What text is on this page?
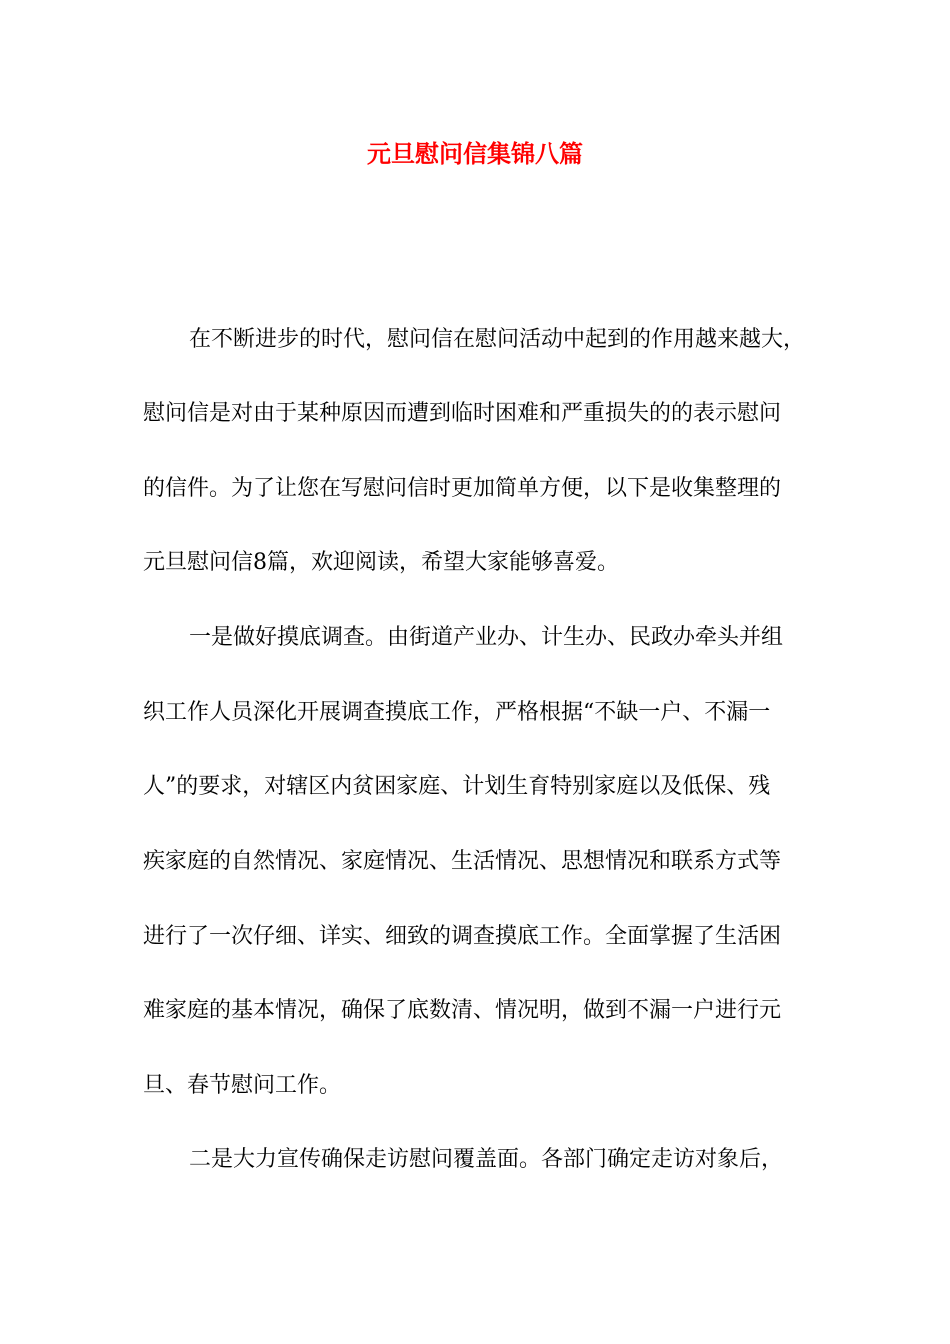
元旦慰问信集锦八篇

在不断进步的时代，慰问信在慰问活动中起到的作用越来越大，

慰问信是对由于某种原因而遭到临时困难和严重损失的的表示慰问

的信件。为了让您在写慰问信时更加简单方便，以下是收集整理的

元旦慰问信8篇，欢迎阅读，希望大家能够喜爱。

一是做好摸底调查。由街道产业办、计生办、民政办牵头并组

织工作人员深化开展调查摸底工作，严格根据“不缺一户、不漏一

人”的要求，对辖区内贫困家庭、计划生育特别家庭以及低保、残

疾家庭的自然情况、家庭情况、生活情况、思想情况和联系方式等

进行了一次仔细、详实、细致的调查摸底工作。全面掌握了生活困

难家庭的基本情况，确保了底数清、情况明，做到不漏一户进行元

旦、春节慰问工作。

二是大力宣传确保走访慰问覆盖面。各部门确定走访对象后，
